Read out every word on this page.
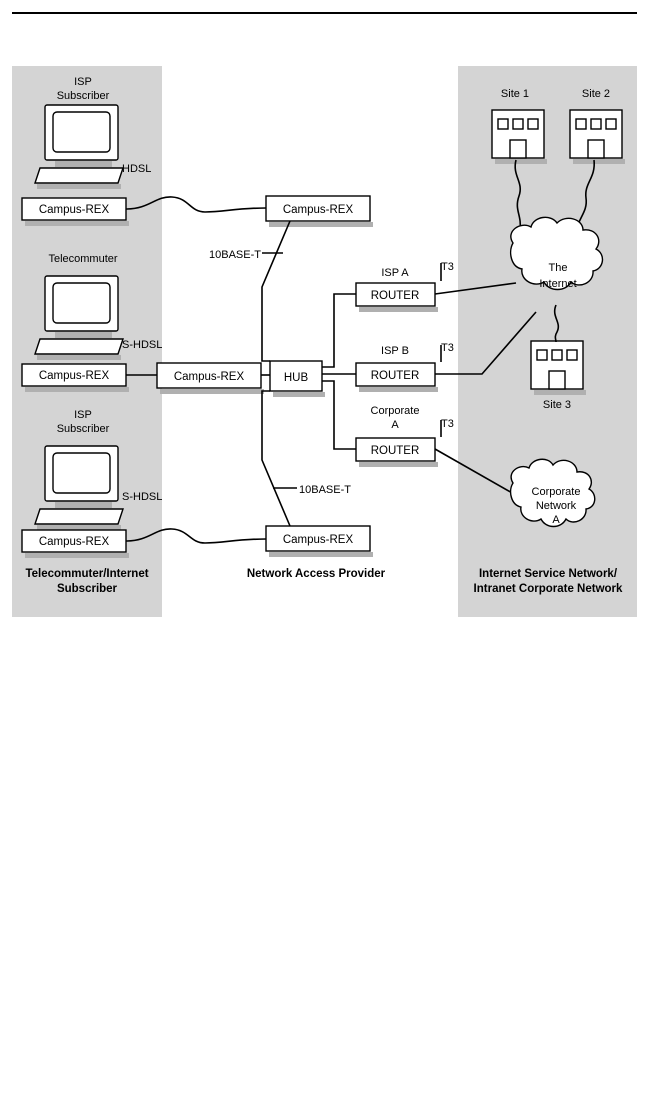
Campus-REX
ISP
Subscriber
HDSL
Campus-REX
Telecommuter
S-HDSL
Campus-REX
ISP
Subscriber
S-HDSL
Campus-REX
Campus-REX
Campus-REX
HUB
10BASE-T
10BASE-T
ROUTER
ISP A	T3
ROUTER
ISP B	T3
ROUTER
Corporate
A	T3
Site 1	Site 2
Site 3
The
Internet
Corporate
Network
A
Telecommuter/Internet
Subscriber
Network Access Provider	Internet Service Network/
Intranet Corporate Network
